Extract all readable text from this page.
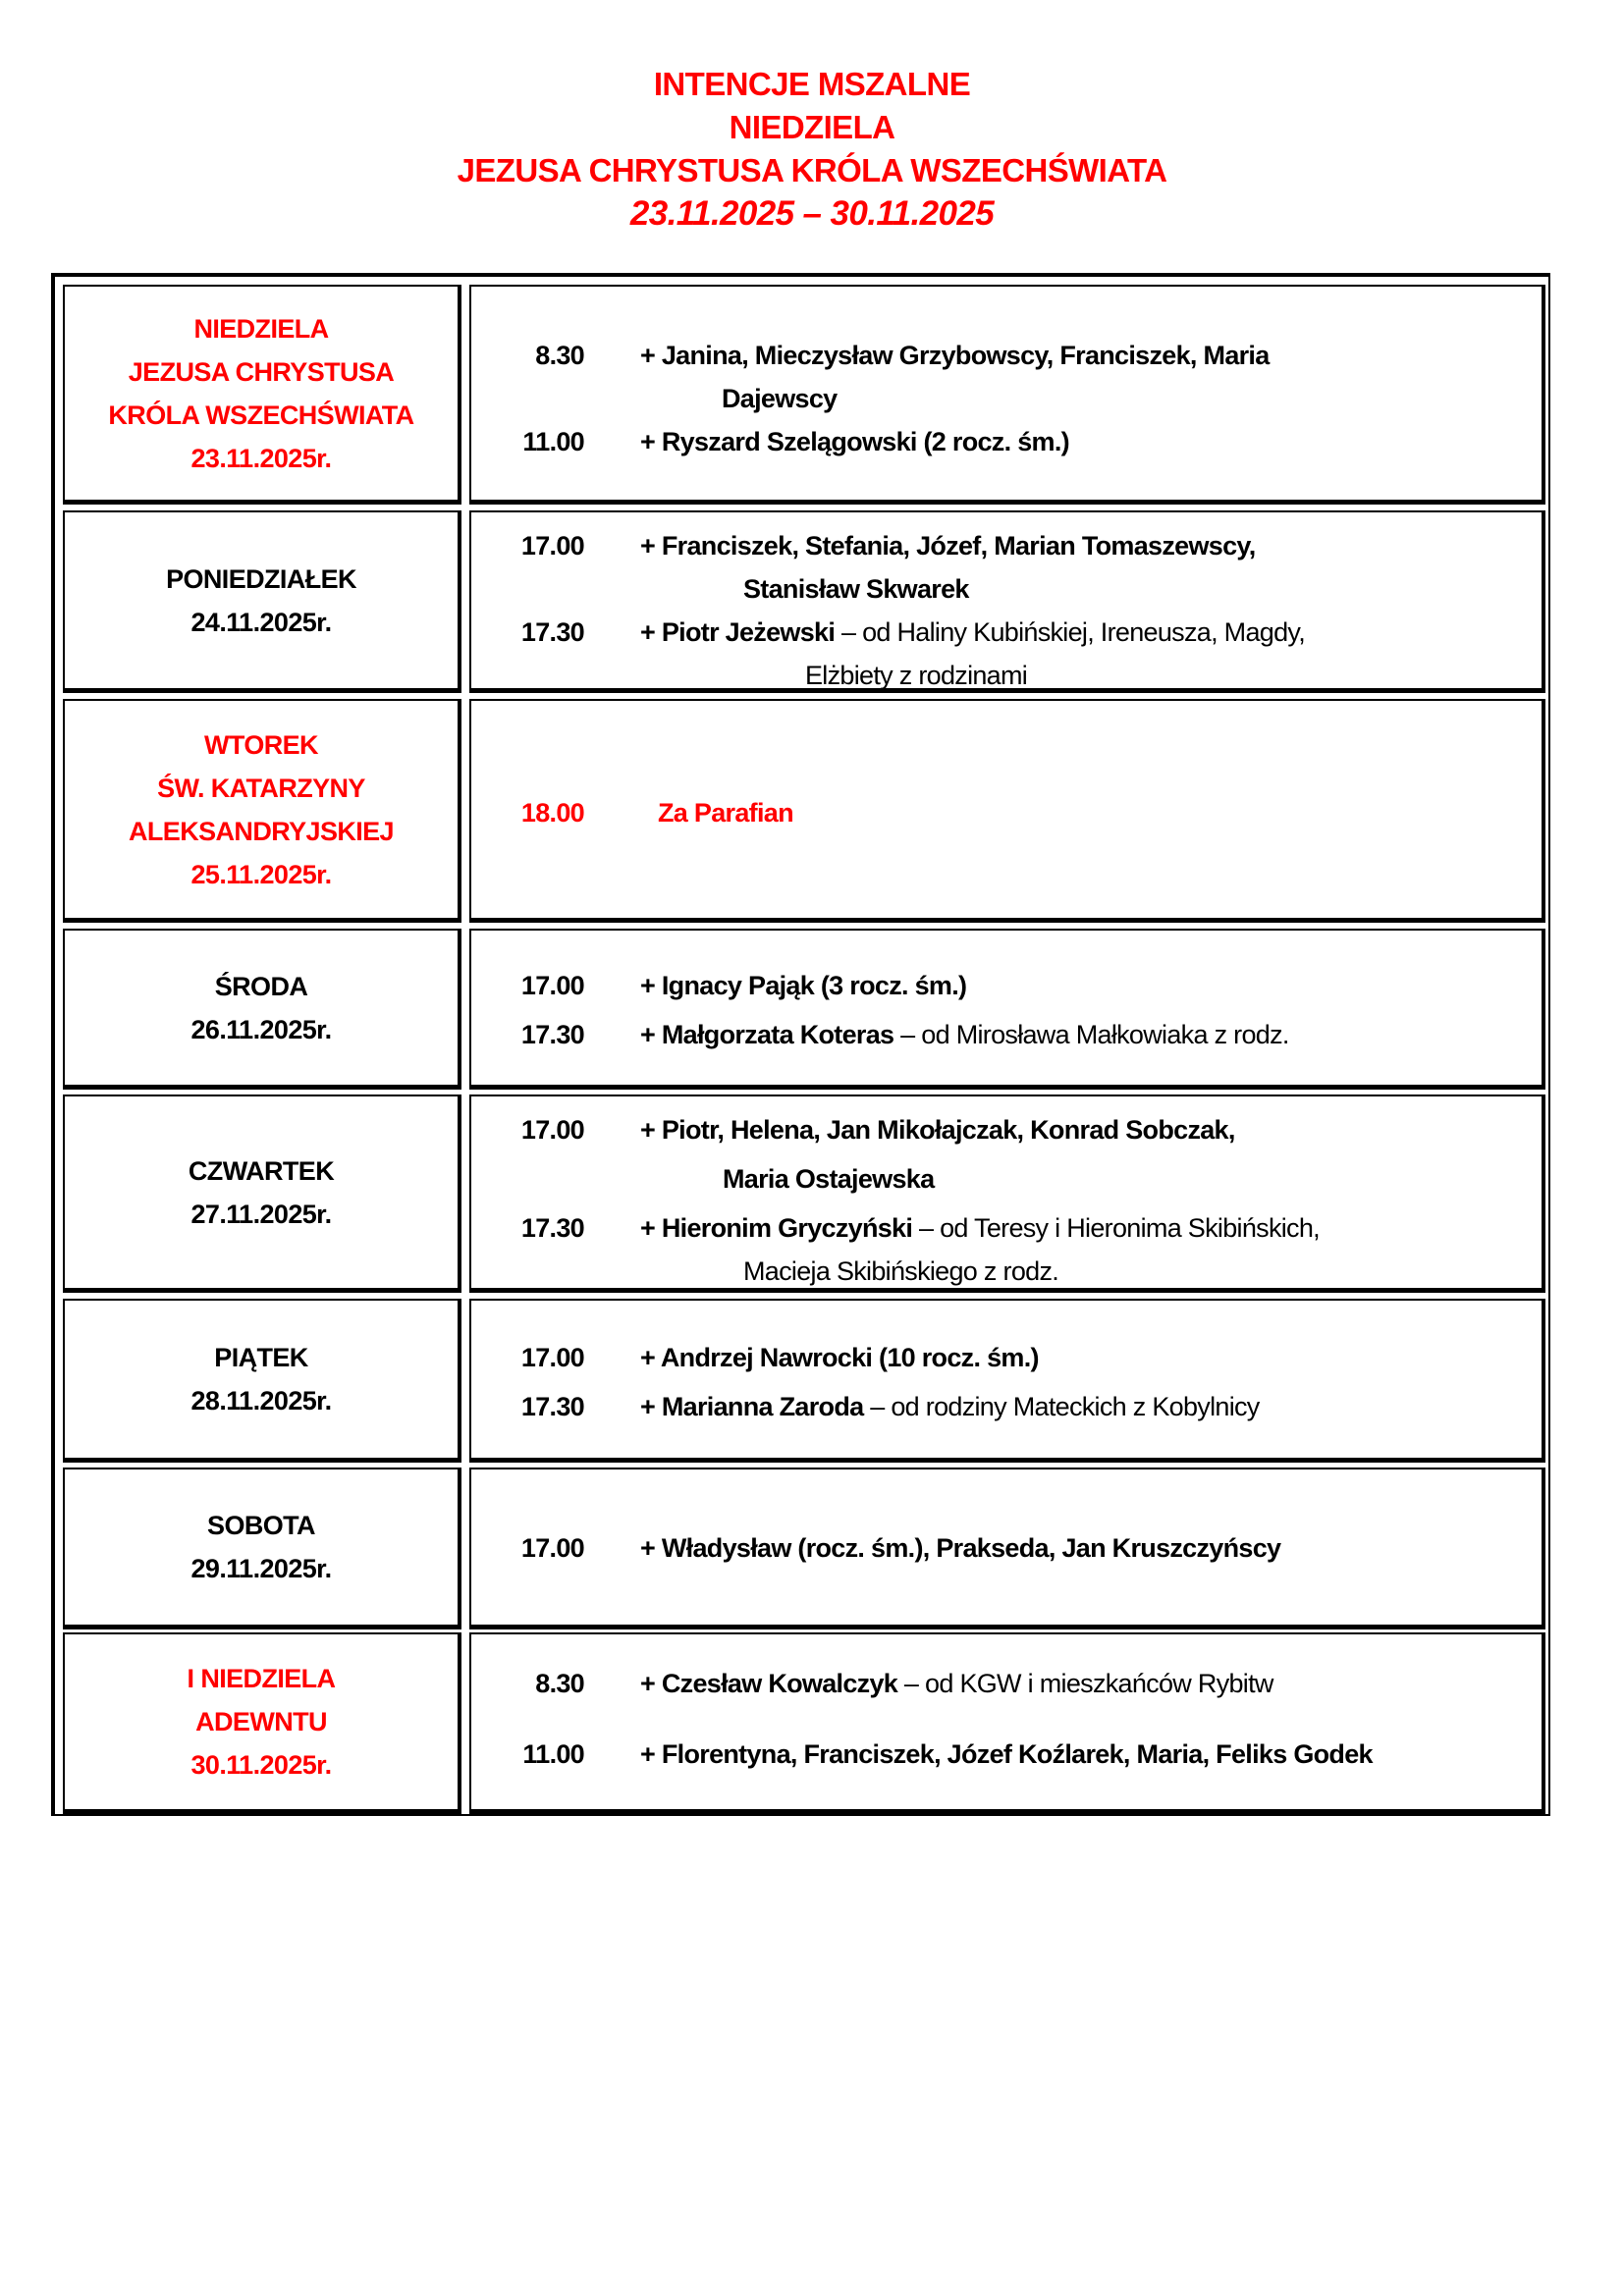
INTENCJE MSZALNE
NIEDZIELA
JEZUSA CHRYSTUSA KRÓLA WSZECHŚWIATA
23.11.2025 – 30.11.2025
NIEDZIELA
JEZUSA CHRYSTUSA
KRÓLA WSZECHŚWIATA
23.11.2025r.
8.30 + Janina, Mieczysław Grzybowscy, Franciszek, Maria
Dajewscy
11.00 + Ryszard Szelągowski (2 rocz. śm.)
PONIEDZIAŁEK
24.11.2025r.
17.00 + Franciszek, Stefania, Józef, Marian Tomaszewscy,
Stanisław Skwarek
17.30 + Piotr Jeżewski – od Haliny Kubińskiej, Ireneusza, Magdy,
Elżbiety z rodzinami
WTOREK
ŚW. KATARZYNY
ALEKSANDRYJSKIEJ
25.11.2025r.
18.00	Za Parafian
ŚRODA
26.11.2025r.
17.00 + Ignacy Pająk (3 rocz. śm.)
17.30 + Małgorzata Koteras – od Mirosława Małkowiaka z rodz.
CZWARTEK
27.11.2025r.
17.00 + Piotr, Helena, Jan Mikołajczak, Konrad Sobczak,
Maria Ostajewska
17.30 + Hieronim Gryczyński – od Teresy i Hieronima Skibińskich,
Macieja Skibińskiego z rodz.
PIĄTEK
28.11.2025r.
17.00 + Andrzej Nawrocki (10 rocz. śm.)
17.30 + Marianna Zaroda – od rodziny Mateckich z Kobylnicy
SOBOTA
29.11.2025r.
17.00 + Władysław (rocz. śm.), Prakseda, Jan Kruszczyńscy
I NIEDZIELA
ADEWNTU
30.11.2025r.
8.30 + Czesław Kowalczyk – od KGW i mieszkańców Rybitw
11.00 + Florentyna, Franciszek, Józef Koźlarek, Maria, Feliks Godek
